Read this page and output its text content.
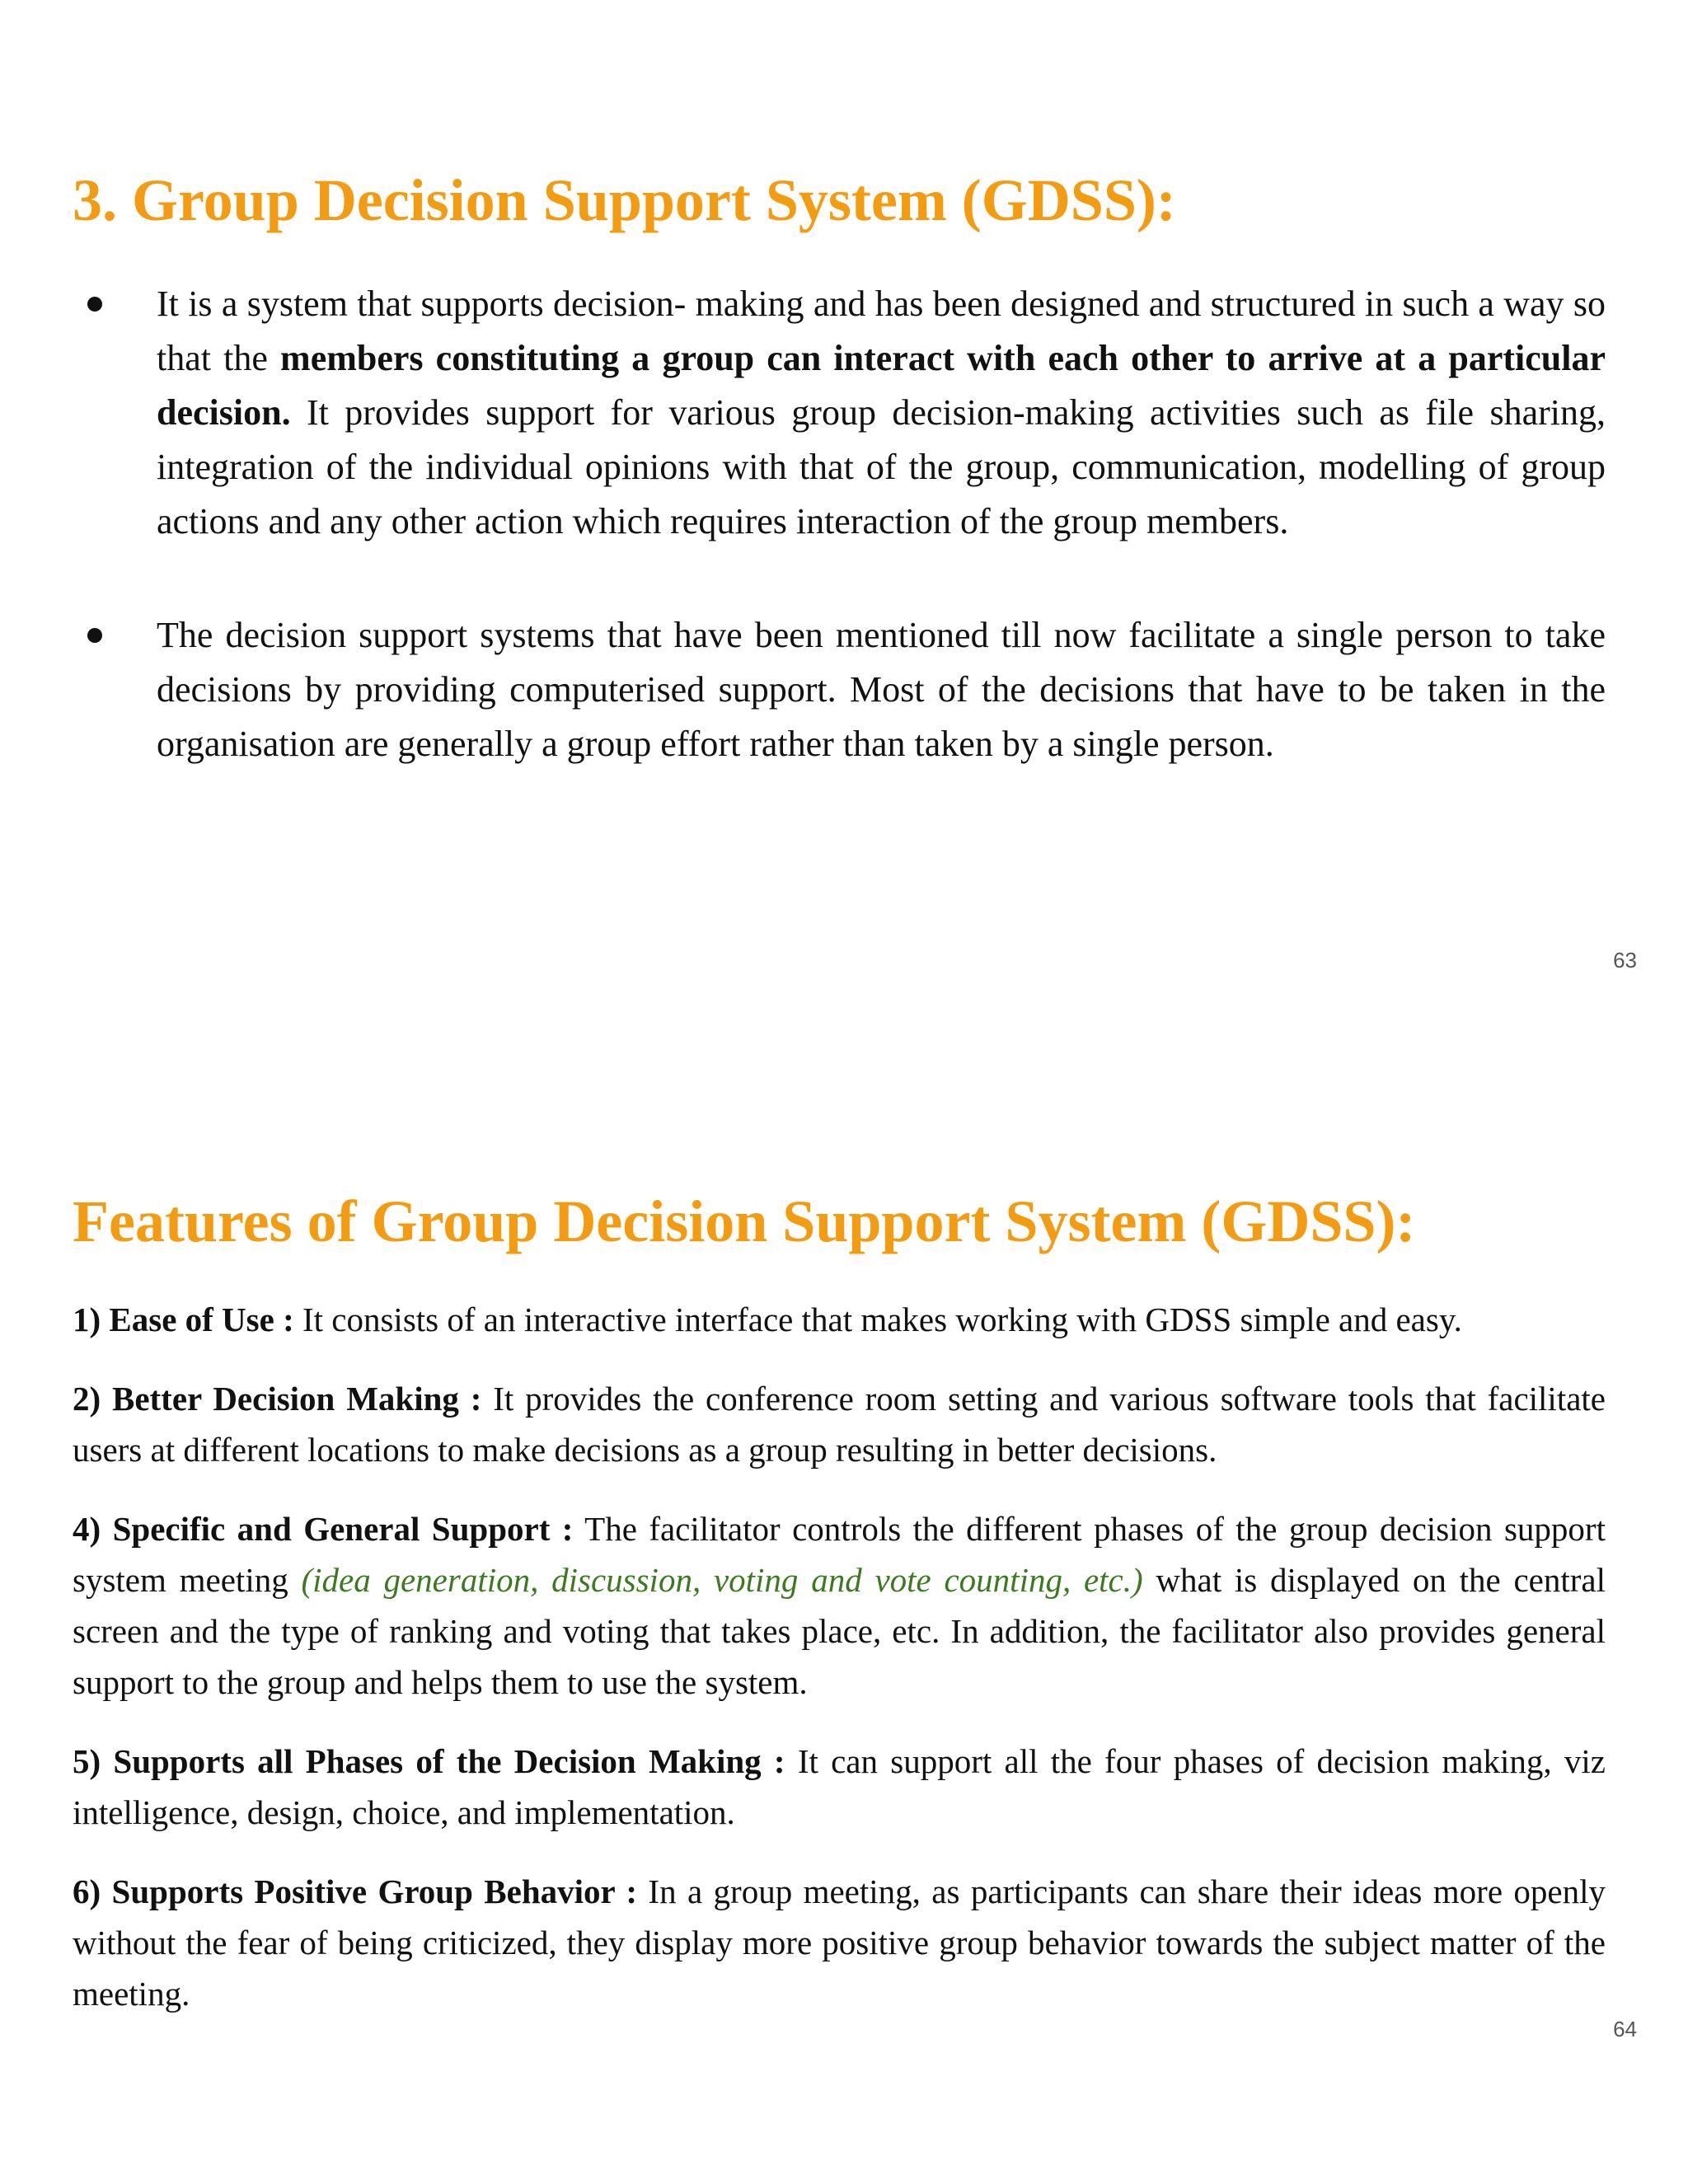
3. Group Decision Support System (GDSS):
It is a system that supports decision- making and has been designed and structured in such a way so that the members constituting a group can interact with each other to arrive at a particular decision. It provides support for various group decision-making activities such as file sharing, integration of the individual opinions with that of the group, communication, modelling of group actions and any other action which requires interaction of the group members.
The decision support systems that have been mentioned till now facilitate a single person to take decisions by providing computerised support. Most of the decisions that have to be taken in the organisation are generally a group effort rather than taken by a single person.
63
Features of Group Decision Support System (GDSS):

1) Ease of Use : It consists of an interactive interface that makes working with GDSS simple and easy.

2) Better Decision Making : It provides the conference room setting and various software tools that facilitate users at different locations to make decisions as a group resulting in better decisions.

4) Specific and General Support : The facilitator controls the different phases of the group decision support system meeting (idea generation, discussion, voting and vote counting, etc.) what is displayed on the central screen and the type of ranking and voting that takes place, etc. In addition, the facilitator also provides general support to the group and helps them to use the system.

5) Supports all Phases of the Decision Making : It can support all the four phases of decision making, viz intelligence, design, choice, and implementation.

6) Supports Positive Group Behavior : In a group meeting, as participants can share their ideas more openly without the fear of being criticized, they display more positive group behavior towards the subject matter of the meeting.

64
